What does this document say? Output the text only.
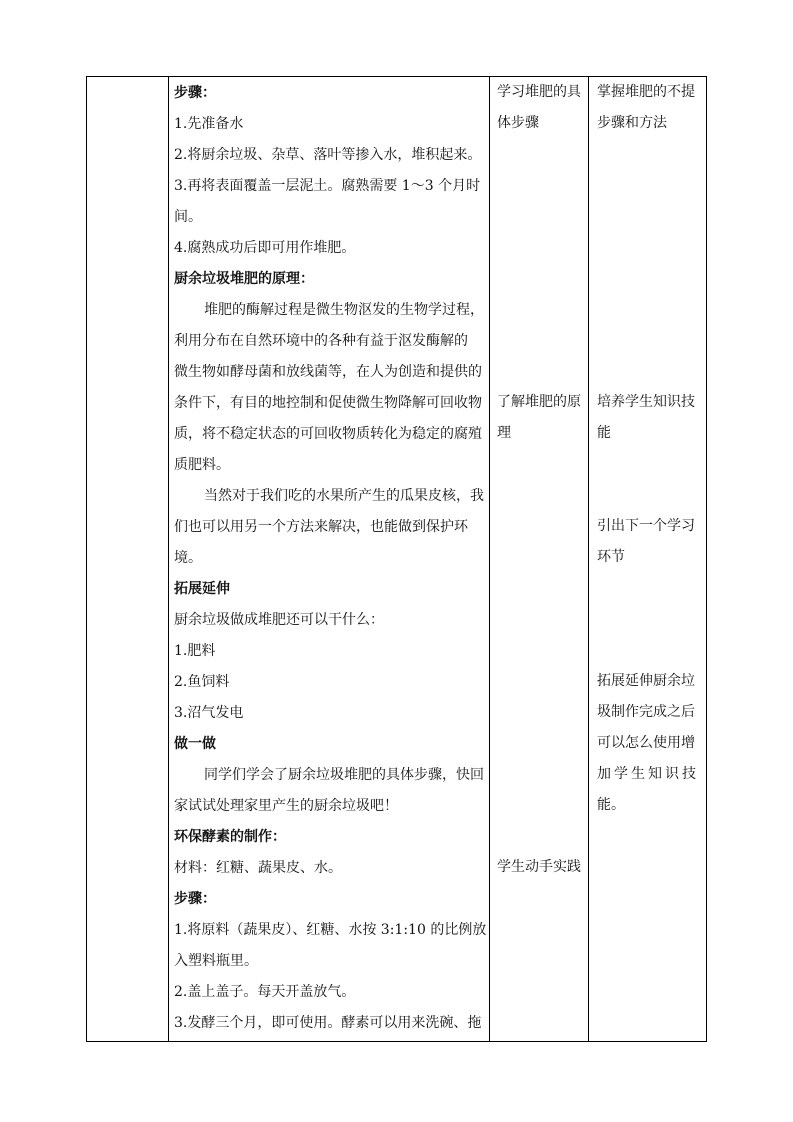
步骤：
1.先准备水
2.将厨余垃圾、杂草、落叶等掺入水，堆积起来。
3.再将表面覆盖一层泥土。腐熟需要 1～3 个月时
间。
4.腐熟成功后即可用作堆肥。
厨余垃圾堆肥的原理：
堆肥的酶解过程是微生物沤发的生物学过程，
利用分布在自然环境中的各种有益于沤发酶解的
微生物如酵母菌和放线菌等，在人为创造和提供的
条件下，有目的地控制和促使微生物降解可回收物
质，将不稳定状态的可回收物质转化为稳定的腐殖
质肥料。
当然对于我们吃的水果所产生的瓜果皮核，我
们也可以用另一个方法来解决，也能做到保护环
境。
拓展延伸
厨余垃圾做成堆肥还可以干什么：
1.肥料
2.鱼饲料
3.沼气发电
做一做
同学们学会了厨余垃圾堆肥的具体步骤，快回
家试试处理家里产生的厨余垃圾吧！
环保酵素的制作：
材料：红糖、蔬果皮、水。
步骤：
1.将原料（蔬果皮）、红糖、水按 3:1:10 的比例放
入塑料瓶里。
2.盖上盖子。每天开盖放气。
3.发酵三个月，即可使用。酵素可以用来洗碗、拖
学习堆肥的具
体步骤
了解堆肥的原
理
学生动手实践
掌握堆肥的不提
步骤和方法
培养学生知识技
能
引出下一个学习
环节
拓展延伸厨余垃
圾制作完成之后
可以怎么使用增
加学生知识技
能。
